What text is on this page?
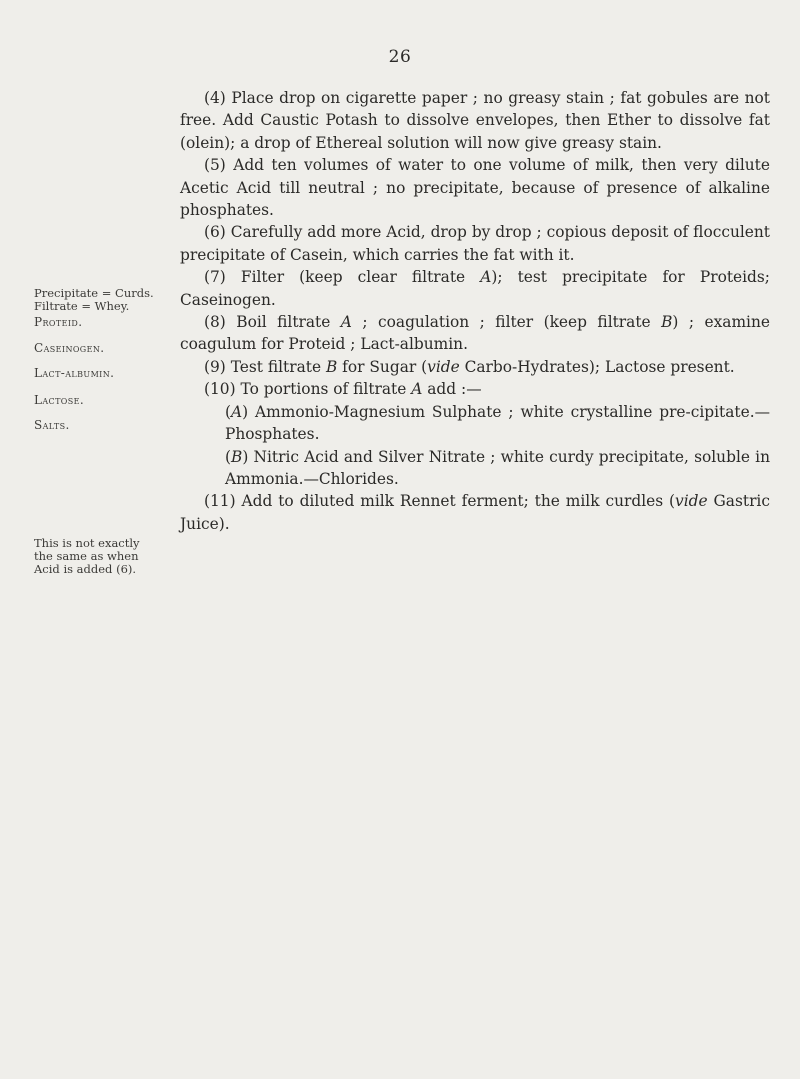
26

(4) Place drop on cigarette paper ; no greasy stain ; fat gobules are not free. Add Caustic Potash to dissolve envelopes, then Ether to dissolve fat (olein); a drop of Ethereal solution will now give greasy stain.

(5) Add ten volumes of water to one volume of milk, then very dilute Acetic Acid till neutral ; no precipitate, because of presence of alkaline phosphates.

(6) Carefully add more Acid, drop by drop ; copious deposit of flocculent precipitate of Casein, which carries the fat with it.

(7) Filter (keep clear filtrate A); test precipitate for Proteids; Caseinogen.

(8) Boil filtrate A ; coagulation ; filter (keep filtrate B) ; examine coagulum for Proteid ; Lact-albumin.

(9) Test filtrate B for Sugar (vide Carbo-Hydrates); Lactose present.

(10) To portions of filtrate A add :—

(A) Ammonio-Magnesium Sulphate ; white crystalline pre-cipitate.—Phosphates.

(B) Nitric Acid and Silver Nitrate ; white curdy precipitate, soluble in Ammonia.—Chlorides.

(11) Add to diluted milk Rennet ferment; the milk curdles (vide Gastric Juice).

Precipitate = Curds.
Filtrate = Whey.
Proteid.
Caseinogen.
Lact-albumin.
Lactose.
Salts.
This is not exactly
the same as when
Acid is added (6).
